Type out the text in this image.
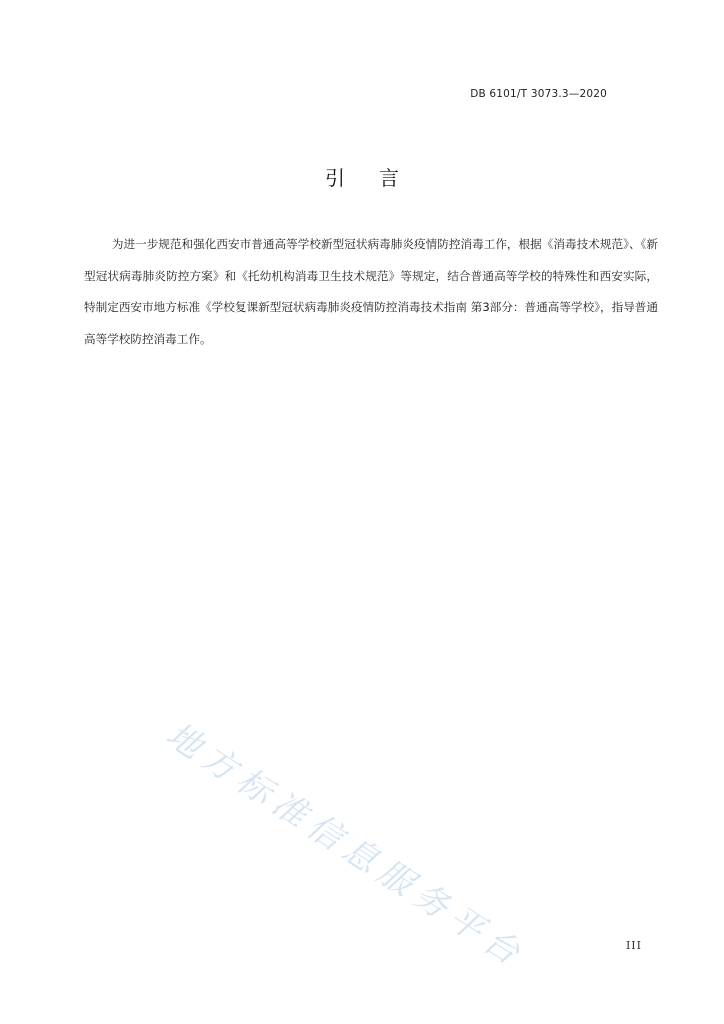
DB 6101/T 3073.3—2020
引 言

为进一步规范和强化西安市普通高等学校新型冠状病毒肺炎疫情防控消毒工作，根据《消毒技术规范》、《新型冠状病毒肺炎防控方案》和《托幼机构消毒卫生技术规范》等规定，结合普通高等学校的特殊性和西安实际，特制定西安市地方标准《学校复课新型冠状病毒肺炎疫情防控消毒技术指南 第3部分：普通高等学校》，指导普通高等学校防控消毒工作。

地方标准信息服务平台	III
